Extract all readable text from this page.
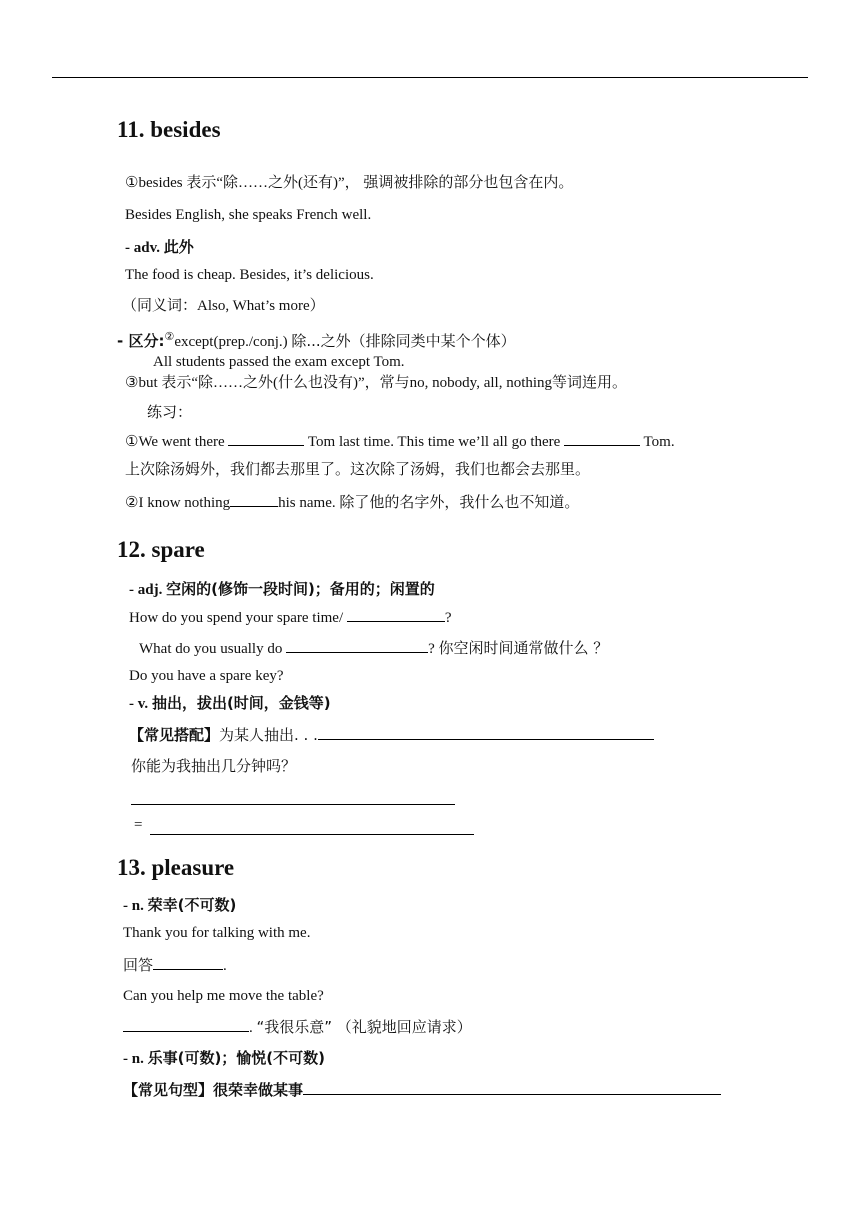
11. besides
①besides 表示“除……之外(还有)”， 强调被排除的部分也包含在内。
Besides English, she speaks French well.
- adv. 此外
The food is cheap. Besides, it’s delicious.
（同义词：Also, What’s more）
- 区分:②except(prep./conj.) 除...之外（排除同类中某个个体）
All students passed the exam except Tom.
③but 表示“除……之外(什么也没有)”，常与no, nobody, all, nothing等词连用。
练习：
①We went there	Tom last time. This time we’ll all go there	Tom.
上次除汤姆外，我们都去那里了。这次除了汤姆，我们也都会去那里。
②I know nothing	his name. 除了他的名字外，我什么也不知道。
12. spare
- adj. 空闲的(修饰一段时间)；备用的；闲置的
How do you spend your spare time/	?
What do you usually do	? 你空闲时间通常做什么 ？
Do you have a spare key?
- v. 抽出，拔出(时间，金钱等)
【常见搭配】为某人抽出. . .
你能为我抽出几分钟吗？
=
13. pleasure
- n. 荣幸(不可数)
Thank you for talking with me.
回答	.
Can you help me move the table?
. “我很乐意” （礼貌地回应请求）
- n. 乐事(可数)；愉悦(不可数)
【常见句型】很荣幸做某事
